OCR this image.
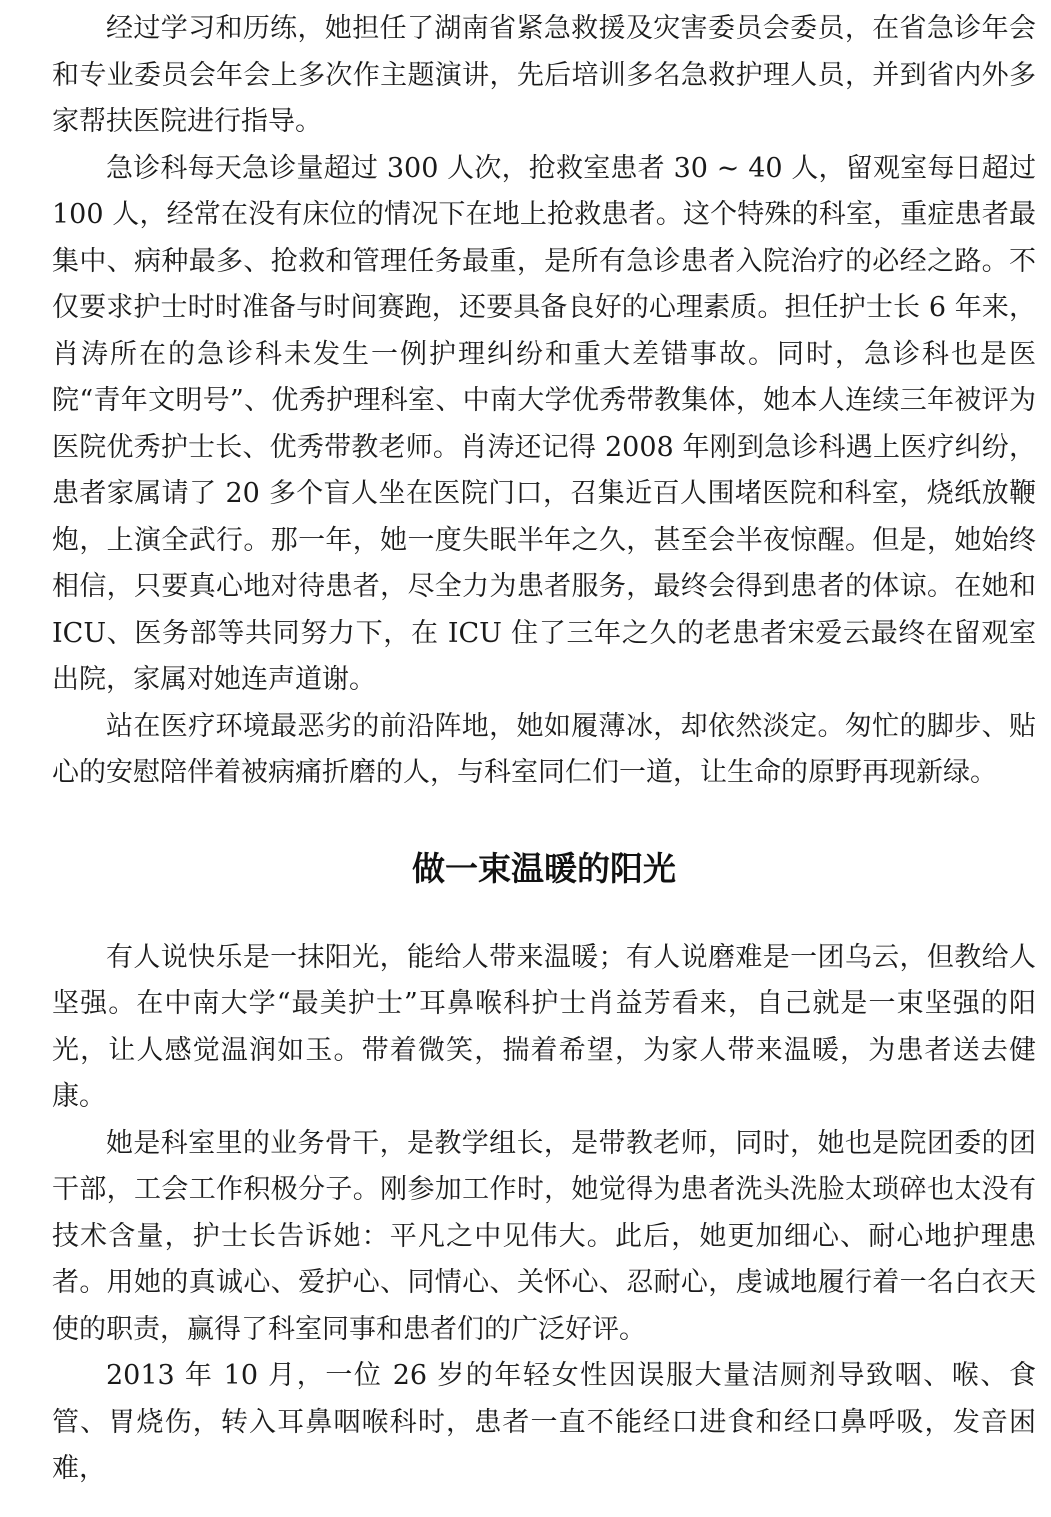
经过学习和历练，她担任了湖南省紧急救援及灾害委员会委员，在省急诊年会和专业委员会年会上多次作主题演讲，先后培训多名急救护理人员，并到省内外多家帮扶医院进行指导。

急诊科每天急诊量超过 300 人次，抢救室患者 30 ~ 40 人，留观室每日超过 100 人，经常在没有床位的情况下在地上抢救患者。这个特殊的科室，重症患者最集中、病种最多、抢救和管理任务最重，是所有急诊患者入院治疗的必经之路。不仅要求护士时时准备与时间赛跑，还要具备良好的心理素质。担任护士长 6 年来，肖涛所在的急诊科未发生一例护理纠纷和重大差错事故。同时，急诊科也是医院“青年文明号”、优秀护理科室、中南大学优秀带教集体，她本人连续三年被评为医院优秀护士长、优秀带教老师。肖涛还记得 2008 年刚到急诊科遇上医疗纠纷，患者家属请了 20 多个盲人坐在医院门口，召集近百人围堵医院和科室，烧纸放鞭炮，上演全武行。那一年，她一度失眠半年之久，甚至会半夜惊醒。但是，她始终相信，只要真心地对待患者，尽全力为患者服务，最终会得到患者的体谅。在她和 ICU、医务部等共同努力下，在 ICU 住了三年之久的老患者宋爱云最终在留观室出院，家属对她连声道谢。

站在医疗环境最恶劣的前沿阵地，她如履薄冰，却依然淡定。匆忙的脚步、贴心的安慰陪伴着被病痛折磨的人，与科室同仁们一道，让生命的原野再现新绿。

做一束温暖的阳光

有人说快乐是一抹阳光，能给人带来温暖；有人说磨难是一团乌云，但教给人坚强。在中南大学“最美护士”耳鼻喉科护士肖益芳看来，自己就是一束坚强的阳光，让人感觉温润如玉。带着微笑，揣着希望，为家人带来温暖，为患者送去健康。

她是科室里的业务骨干，是教学组长，是带教老师，同时，她也是院团委的团干部，工会工作积极分子。刚参加工作时，她觉得为患者洗头洗脸太琐碎也太没有技术含量，护士长告诉她：平凡之中见伟大。此后，她更加细心、耐心地护理患者。用她的真诚心、爱护心、同情心、关怀心、忍耐心，虔诚地履行着一名白衣天使的职责，赢得了科室同事和患者们的广泛好评。

2013 年 10 月，一位 26 岁的年轻女性因误服大量洁厕剂导致咽、喉、食管、胃烧伤，转入耳鼻咽喉科时，患者一直不能经口进食和经口鼻呼吸，发音困难，
